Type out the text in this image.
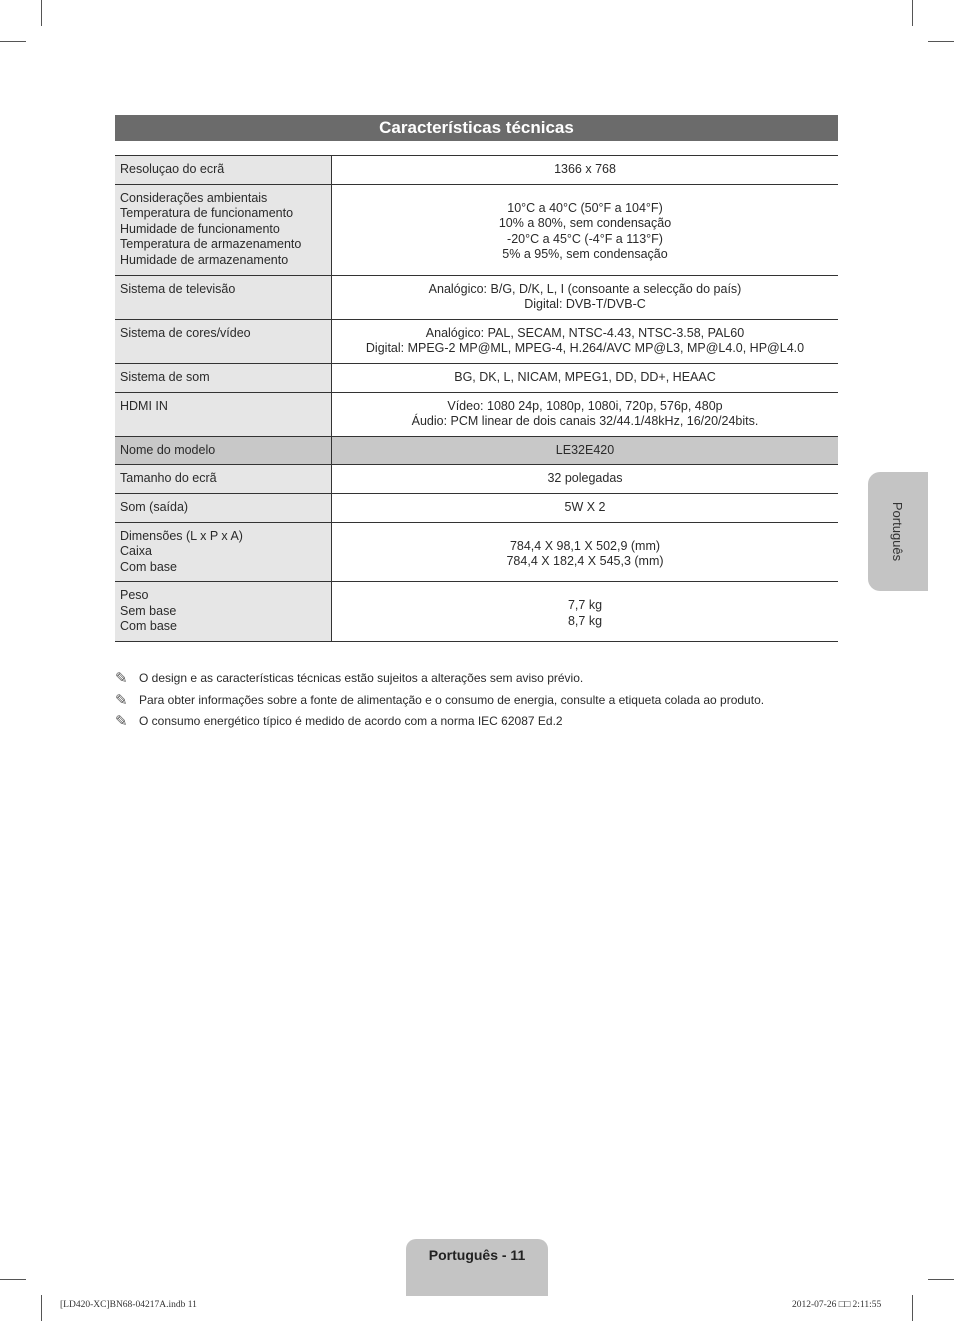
Características técnicas
Resoluçao do ecrã	1366 x 768

Considerações ambientais
Temperatura de funcionamento
Humidade de funcionamento
Temperatura de armazenamento
Humidade de armazenamento	10°C a 40°C (50°F a 104°F)
10% a 80%, sem condensação
-20°C a 45°C (-4°F a 113°F)
5% a 95%, sem condensação

Sistema de televisão	Analógico: B/G, D/K, L, I (consoante a selecção do país)
Digital: DVB-T/DVB-C

Sistema de cores/vídeo	Analógico: PAL, SECAM, NTSC-4.43, NTSC-3.58, PAL60
Digital: MPEG-2 MP@ML, MPEG-4, H.264/AVC MP@L3, MP@L4.0, HP@L4.0

Sistema de som	BG, DK, L, NICAM, MPEG1, DD, DD+, HEAAC

HDMI IN	Vídeo: 1080 24p, 1080p, 1080i, 720p, 576p, 480p
Áudio: PCM linear de dois canais 32/44.1/48kHz, 16/20/24bits.

Nome do modelo	LE32E420

Tamanho do ecrã	32 polegadas

Som (saída)	5W X 2

Dimensões (L x P x A)
Caixa
Com base	784,4 X 98,1 X 502,9 (mm)
784,4 X 182,4 X 545,3 (mm)

Peso
Sem base
Com base	7,7 kg
8,7 kg
✎ O design e as características técnicas estão sujeitos a alterações sem aviso prévio.
✎ Para obter informações sobre a fonte de alimentação e o consumo de energia, consulte a etiqueta colada ao produto.
✎ O consumo energético típico é medido de acordo com a norma IEC 62087 Ed.2
Português
Português - 11
[LD420-XC]BN68-04217A.indb 11	2012-07-26 □□ 2:11:55
